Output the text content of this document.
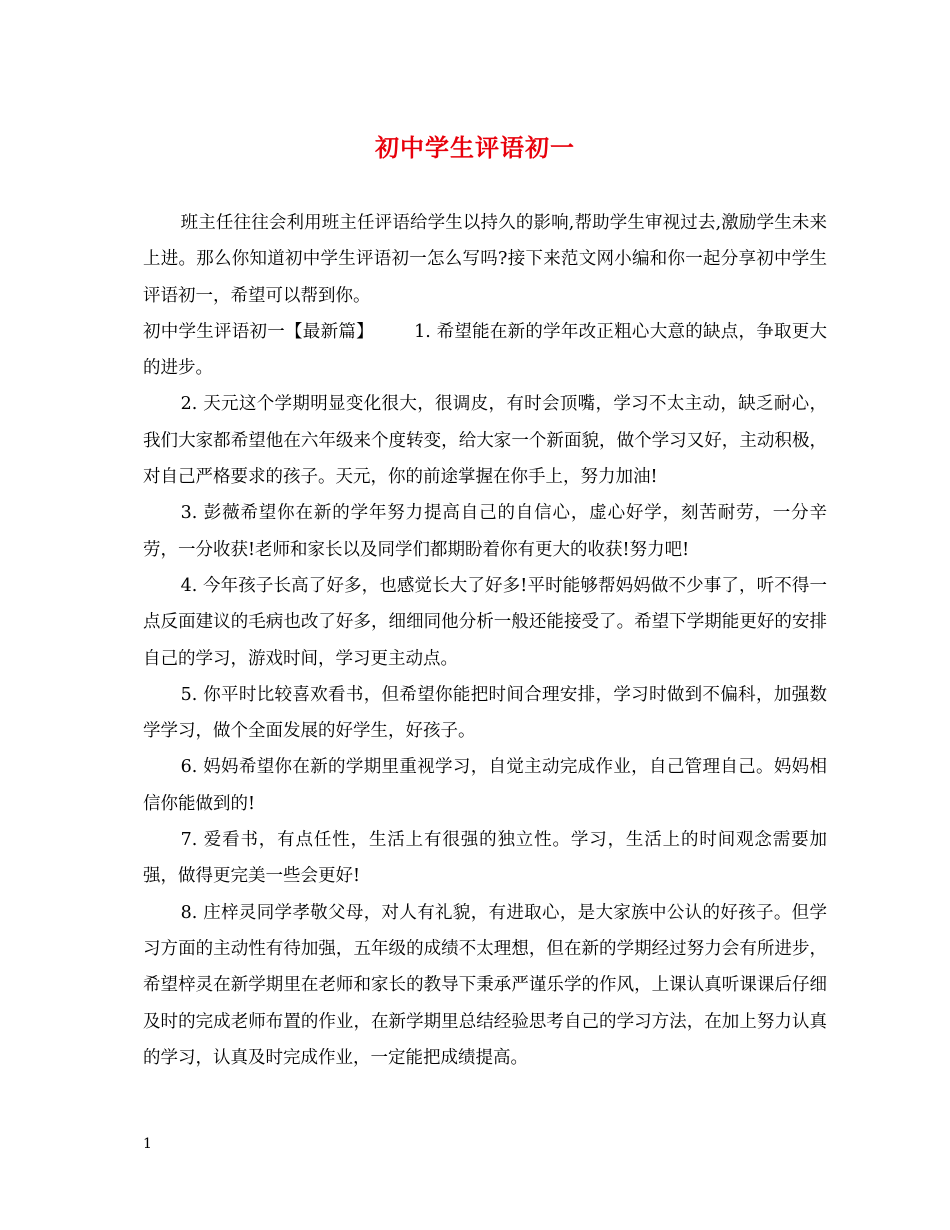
初中学生评语初一

班主任往往会利用班主任评语给学生以持久的影响,帮助学生审视过去,激励学生未来上进。那么你知道初中学生评语初一怎么写吗?接下来范文网小编和你一起分享初中学生评语初一，希望可以帮到你。

初中学生评语初一【最新篇】 1. 希望能在新的学年改正粗心大意的缺点，争取更大的进步。

2. 天元这个学期明显变化很大，很调皮，有时会顶嘴，学习不太主动，缺乏耐心，我们大家都希望他在六年级来个度转变，给大家一个新面貌，做个学习又好，主动积极，对自己严格要求的孩子。天元，你的前途掌握在你手上，努力加油!

3. 彭薇希望你在新的学年努力提高自己的自信心，虚心好学，刻苦耐劳，一分辛劳，一分收获!老师和家长以及同学们都期盼着你有更大的收获!努力吧!

4. 今年孩子长高了好多，也感觉长大了好多!平时能够帮妈妈做不少事了，听不得一点反面建议的毛病也改了好多，细细同他分析一般还能接受了。希望下学期能更好的安排自己的学习，游戏时间，学习更主动点。

5. 你平时比较喜欢看书，但希望你能把时间合理安排，学习时做到不偏科，加强数学学习，做个全面发展的好学生，好孩子。

6. 妈妈希望你在新的学期里重视学习，自觉主动完成作业，自己管理自己。妈妈相信你能做到的!

7. 爱看书，有点任性，生活上有很强的独立性。学习，生活上的时间观念需要加强，做得更完美一些会更好!

8. 庄梓灵同学孝敬父母，对人有礼貌，有进取心，是大家族中公认的好孩子。但学习方面的主动性有待加强，五年级的成绩不太理想，但在新的学期经过努力会有所进步，希望梓灵在新学期里在老师和家长的教导下秉承严谨乐学的作风，上课认真听课课后仔细及时的完成老师布置的作业，在新学期里总结经验思考自己的学习方法，在加上努力认真的学习，认真及时完成作业，一定能把成绩提高。

1
